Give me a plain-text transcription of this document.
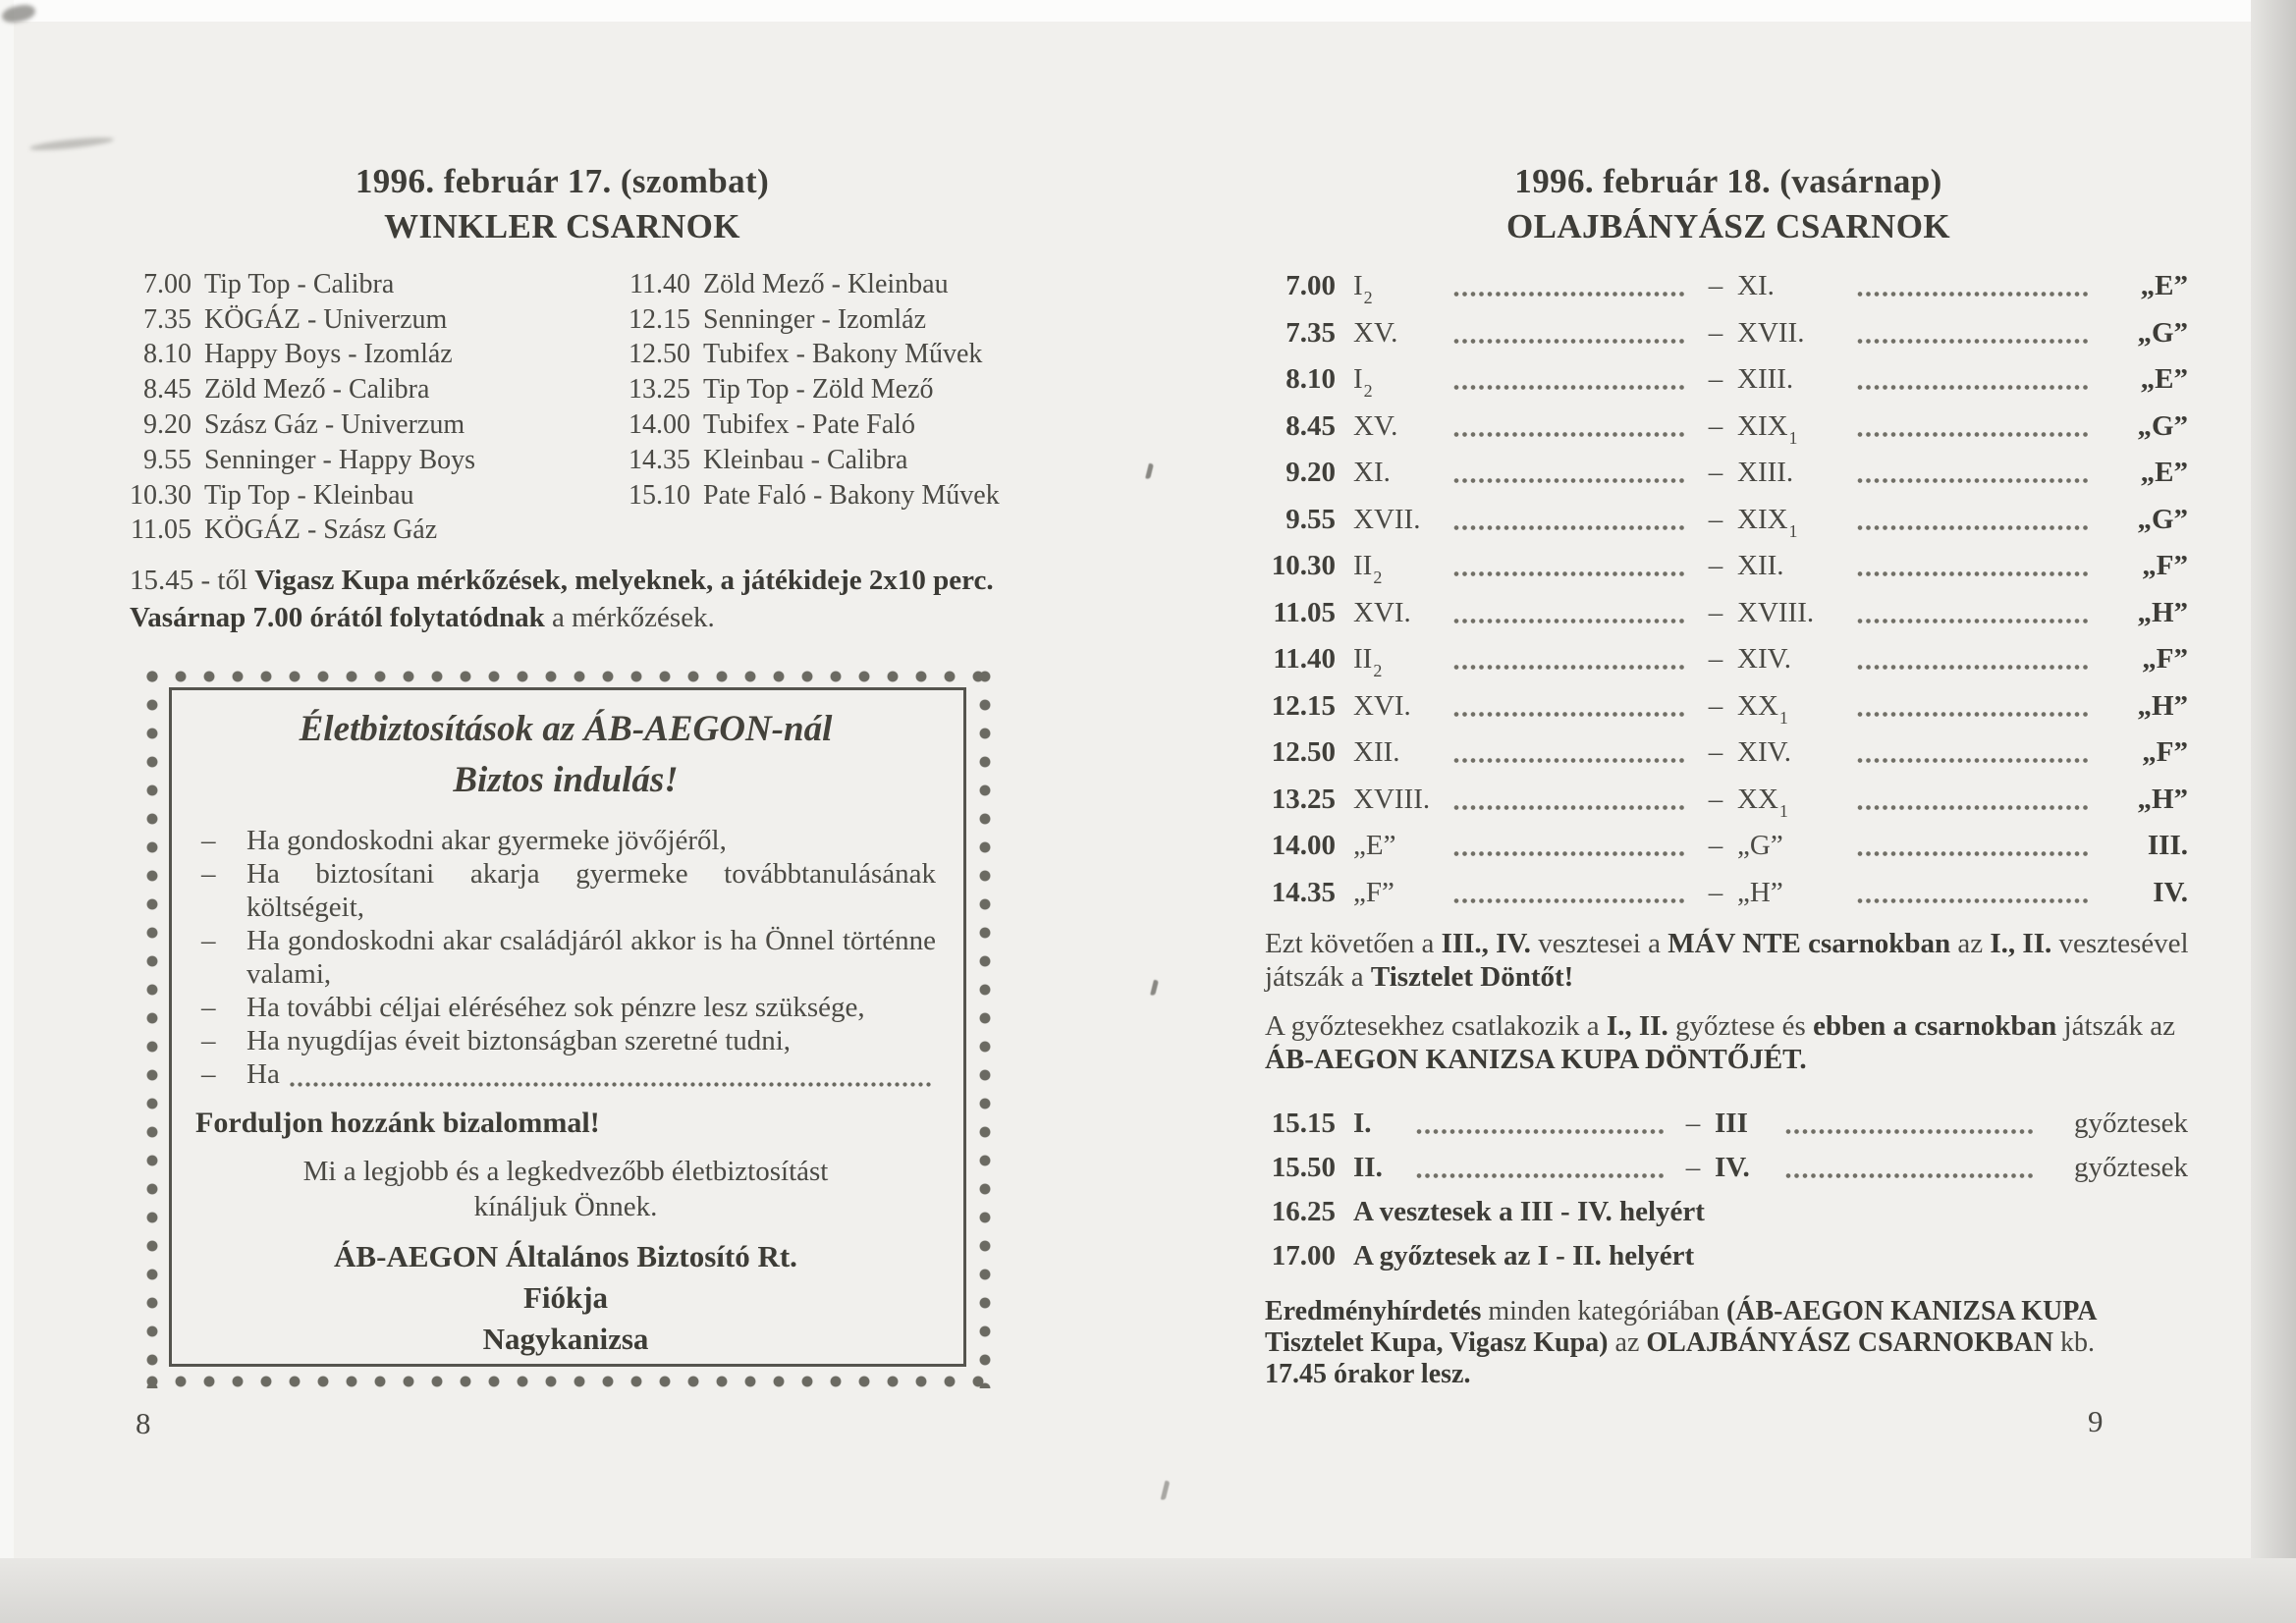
1996. február 17. (szombat)
WINKLER CSARNOK
7.00 Tip Top - Calibra
7.35 KÖGÁZ - Univerzum
8.10 Happy Boys - Izomláz
8.45 Zöld Mező - Calibra
9.20 Szász Gáz - Univerzum
9.55 Senninger - Happy Boys
10.30 Tip Top - Kleinbau
11.05 KÖGÁZ - Szász Gáz
11.40 Zöld Mező - Kleinbau
12.15 Senninger - Izomláz
12.50 Tubifex - Bakony Művek
13.25 Tip Top - Zöld Mező
14.00 Tubifex - Pate Faló
14.35 Kleinbau - Calibra
15.10 Pate Faló - Bakony Művek
15.45 - től Vigasz Kupa mérkőzések, melyeknek, a játékideje 2x10 perc. Vasárnap 7.00 órától folytatódnak a mérkőzések.
Életbiztosítások az ÁB-AEGON-nál
Biztos indulás!
–	Ha gondoskodni akar gyermeke jövőjéről,
–	Ha biztosítani akarja gyermeke továbbtanulásának költségeit,
–	Ha gondoskodni akar családjáról akkor is ha Önnel történne valami,
–	Ha további céljai eléréséhez sok pénzre lesz szüksége,
–	Ha nyugdíjas éveit biztonságban szeretné tudni,
–	Ha
Forduljon hozzánk bizalommal!
Mi a legjobb és a legkedvezőbb életbiztosítást
kínáljuk Önnek.
ÁB-AEGON Általános Biztosító Rt.
Fiókja
Nagykanizsa
8
1996. február 18. (vasárnap)
OLAJBÁNYÁSZ CSARNOK
7.00 $I_2$	– XI.	„E”
7.35 XV.	– XVII.	„G”
8.10 $I_2$	– XIII.	„E”
8.45 XV.	– $XIX_1$	„G”
9.20 XI.	– XIII.	„E”
9.55 XVII.	– $XIX_1$	„G”
10.30 $II_2$	– XII.	„F”
11.05 XVI.	– XVIII.	„H”
11.40 $II_2$	– XIV.	„F”
12.15 XVI.	– $XX_1$	„H”
12.50 XII.	– XIV.	„F”
13.25 XVIII.	– $XX_1$	„H”
14.00 „E”	– „G”	III.
14.35 „F”	– „H”	IV.
Ezt követően a III., IV. vesztesei a MÁV NTE csarnokban az I., II. vesztesével játszák a Tisztelet Döntőt!
A győztesekhez csatlakozik a I., II. győztese és ebben a csarnokban játszák az ÁB-AEGON KANIZSA KUPA DÖNTŐJÉT.
15.15 I.	– III	győztesek
15.50 II.	– IV.	győztesek
16.25 A vesztesek a III - IV. helyért
17.00 A győztesek az I - II. helyért
Eredményhírdetés minden kategóriában (ÁB-AEGON KANIZSA KUPA Tisztelet Kupa, Vigasz Kupa) az OLAJBÁNYÁSZ CSARNOKBAN kb. 17.45 órakor lesz.
9
